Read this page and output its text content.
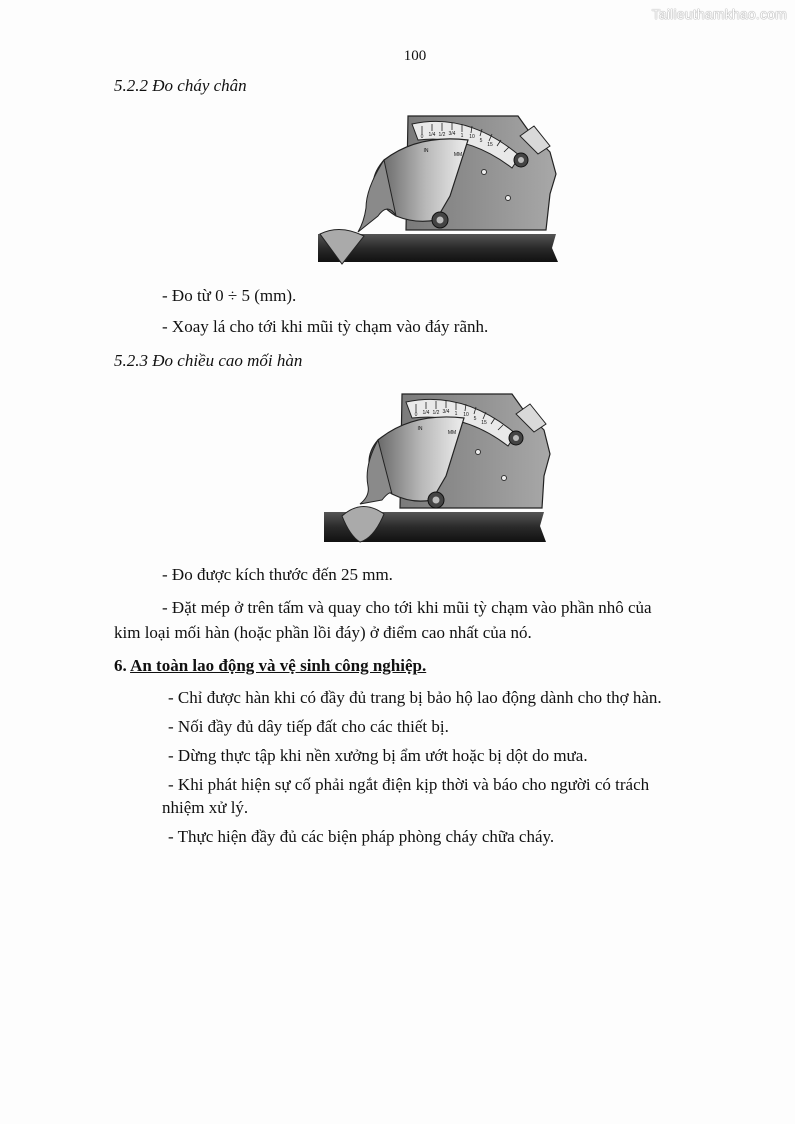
Tailieuthamkhao.com
100
5.2.2 Đo cháy chân
0 1/4 1/2 3/4 1 10
5
15
IN
MM
- Đo từ 0 ÷ 5 (mm).
- Xoay lá cho tới khi mũi tỳ chạm vào đáy rãnh.
5.2.3 Đo chiều cao mối hàn
0 1/4 1/2 3/4 1 10
5
15
IN
MM
- Đo được kích thước đến 25 mm.
- Đặt mép ở trên tấm và quay cho tới khi mũi tỳ chạm vào phần nhô của
kim loại mối hàn (hoặc phần lồi đáy) ở điểm cao nhất của nó.
6. An toàn lao động và vệ sinh công nghiệp.
- Chỉ được hàn khi có đầy đủ trang bị bảo hộ lao động dành cho thợ hàn.
- Nối đầy đủ dây tiếp đất cho các thiết bị.
- Dừng thực tập khi nền xưởng bị ẩm ướt hoặc bị dột do mưa.
- Khi phát hiện sự cố phải ngắt điện kịp thời và báo cho người có trách
nhiệm xử lý.
- Thực hiện đầy đủ các biện pháp phòng cháy chữa cháy.
